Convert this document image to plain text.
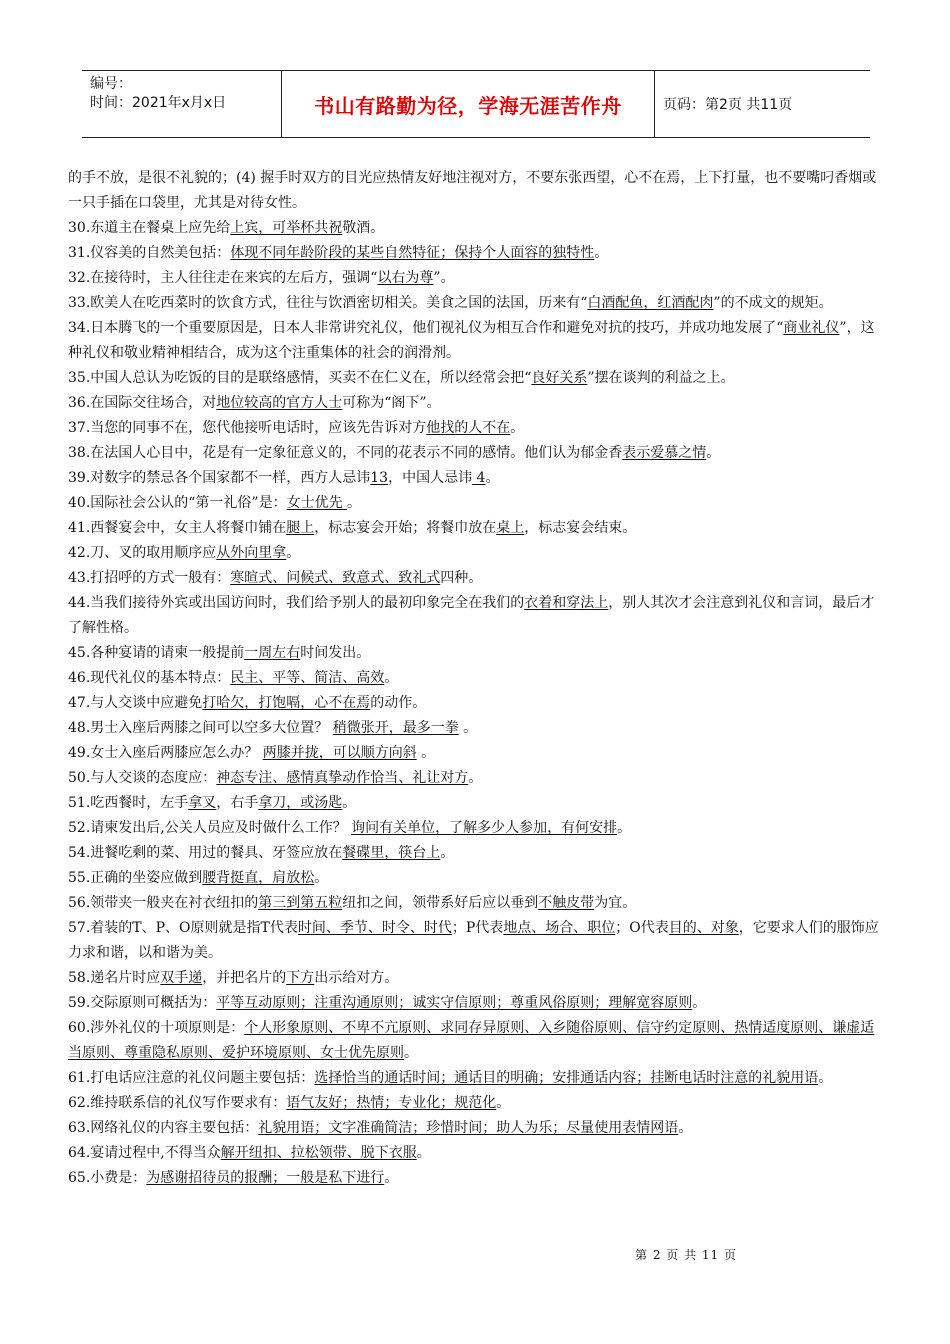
编号：
时间：2021年x月x日	书山有路勤为径，学海无涯苦作舟	页码：第2页 共11页

的手不放，是很不礼貌的；(4) 握手时双方的目光应热情友好地注视对方，不要东张西望，心不在焉，上下打量，也不要嘴叼香烟或一只手插在口袋里，尤其是对待女性。

30.东道主在餐桌上应先给上宾，可举杯共祝敬酒。

31.仪容美的自然美包括：体现不同年龄阶段的某些自然特征；保持个人面容的独特性。

32.在接待时，主人往往走在来宾的左后方，强调“以右为尊”。

33.欧美人在吃西菜时的饮食方式，往往与饮酒密切相关。美食之国的法国，历来有“白酒配鱼，红酒配肉”的不成文的规矩。

34.日本腾飞的一个重要原因是，日本人非常讲究礼仪，他们视礼仪为相互合作和避免对抗的技巧，并成功地发展了“商业礼仪”，这种礼仪和敬业精神相结合，成为这个注重集体的社会的润滑剂。

35.中国人总认为吃饭的目的是联络感情，买卖不在仁义在，所以经常会把“良好关系”摆在谈判的利益之上。

36.在国际交往场合，对地位较高的官方人士可称为“阁下”。

37.当您的同事不在，您代他接听电话时，应该先告诉对方他找的人不在。

38.在法国人心目中，花是有一定象征意义的，不同的花表示不同的感情。他们认为郁金香表示爱慕之情。

39.对数字的禁忌各个国家都不一样，西方人忌讳13，中国人忌讳 4。

40.国际社会公认的“第一礼俗”是：女士优先 。

41.西餐宴会中，女主人将餐巾铺在腿上，标志宴会开始；将餐巾放在桌上，标志宴会结束。

42.刀、叉的取用顺序应从外向里拿。

43.打招呼的方式一般有：寒暄式、问候式、致意式、致礼式四种。

44.当我们接待外宾或出国访问时，我们给予别人的最初印象完全在我们的衣着和穿法上，别人其次才会注意到礼仪和言词，最后才了解性格。

45.各种宴请的请柬一般提前一周左右时间发出。

46.现代礼仪的基本特点：民主、平等、简洁、高效。

47.与人交谈中应避免打哈欠，打饱嗝，心不在焉的动作。

48.男士入座后两膝之间可以空多大位置？ 稍微张开，最多一拳 。

49.女士入座后两膝应怎么办？ 两膝并拢，可以顺方向斜 。

50.与人交谈的态度应：神态专注、感情真挚动作恰当、礼让对方。

51.吃西餐时，左手拿叉，右手拿刀，或汤匙。

52.请柬发出后,公关人员应及时做什么工作？ 询问有关单位，了解多少人参加，有何安排。

54.进餐吃剩的菜、用过的餐具、牙签应放在餐碟里，筷台上。

55.正确的坐姿应做到腰背挺直，肩放松。

56.领带夹一般夹在衬衣纽扣的第三到第五粒纽扣之间，领带系好后应以垂到不触皮带为宜。

57.着装的T、P、O原则就是指T代表时间、季节、时令、时代；P代表地点、场合、职位；O代表目的、对象，它要求人们的服饰应力求和谐，以和谐为美。

58.递名片时应双手递，并把名片的下方出示给对方。

59.交际原则可概括为：平等互动原则；注重沟通原则；诚实守信原则；尊重风俗原则；理解宽容原则。

60.涉外礼仪的十项原则是：个人形象原则、不卑不亢原则、求同存异原则、入乡随俗原则、信守约定原则、热情适度原则、谦虚适当原则、尊重隐私原则、爱护环境原则、女士优先原则。

61.打电话应注意的礼仪问题主要包括：选择恰当的通话时间；通话目的明确；安排通话内容；挂断电话时注意的礼貌用语。

62.维持联系信的礼仪写作要求有：语气友好；热情；专业化；规范化。

63.网络礼仪的内容主要包括：礼貌用语；文字准确简洁；珍惜时间；助人为乐；尽量使用表情网语。

64.宴请过程中,不得当众解开纽扣、拉松领带、脱下衣服。

65.小费是：为感谢招待员的报酬；一般是私下进行。

第 2 页 共 11 页
